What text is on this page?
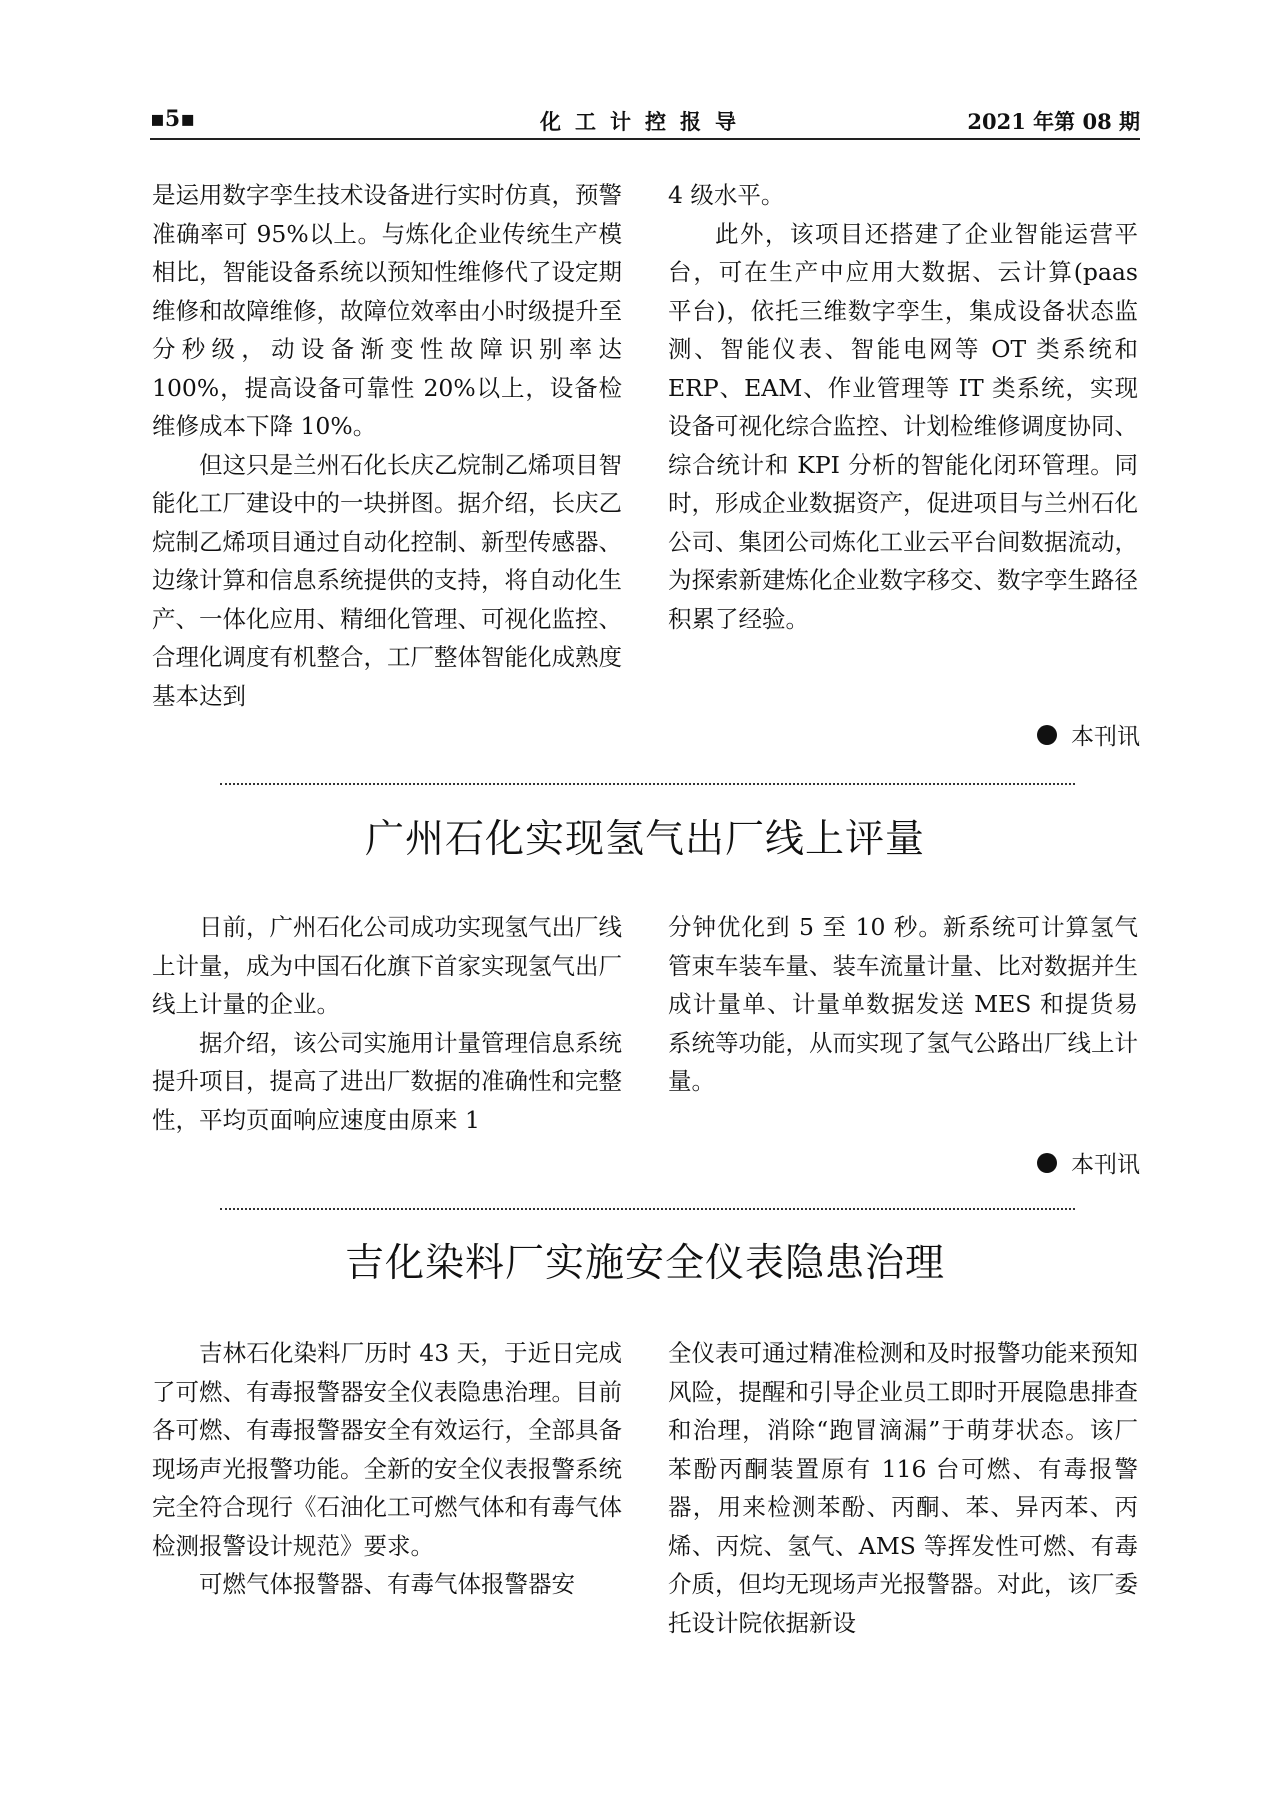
▪5▪	化工计控报导	2021 年第 08 期

是运用数字孪生技术设备进行实时仿真，预警准确率可 95%以上。与炼化企业传统生产模相比，智能设备系统以预知性维修代了设定期维修和故障维修，故障位效率由小时级提升至分秒级，动设备渐变性故障识别率达 100%，提高设备可靠性 20%以上，设备检维修成本下降 10%。

但这只是兰州石化长庆乙烷制乙烯项目智能化工厂建设中的一块拼图。据介绍，长庆乙烷制乙烯项目通过自动化控制、新型传感器、边缘计算和信息系统提供的支持，将自动化生产、一体化应用、精细化管理、可视化监控、合理化调度有机整合，工厂整体智能化成熟度基本达到

4 级水平。

此外，该项目还搭建了企业智能运营平台，可在生产中应用大数据、云计算(paas 平台)，依托三维数字孪生，集成设备状态监测、智能仪表、智能电网等 OT 类系统和 ERP、EAM、作业管理等 IT 类系统，实现设备可视化综合监控、计划检维修调度协同、综合统计和 KPI 分析的智能化闭环管理。同时，形成企业数据资产，促进项目与兰州石化公司、集团公司炼化工业云平台间数据流动，为探索新建炼化企业数字移交、数字孪生路径积累了经验。

本刊讯
广州石化实现氢气出厂线上评量

日前，广州石化公司成功实现氢气出厂线上计量，成为中国石化旗下首家实现氢气出厂线上计量的企业。

据介绍，该公司实施用计量管理信息系统提升项目，提高了进出厂数据的准确性和完整性，平均页面响应速度由原来 1

分钟优化到 5 至 10 秒。新系统可计算氢气管束车装车量、装车流量计量、比对数据并生成计量单、计量单数据发送 MES 和提货易系统等功能，从而实现了氢气公路出厂线上计量。

本刊讯
吉化染料厂实施安全仪表隐患治理

吉林石化染料厂历时 43 天，于近日完成了可燃、有毒报警器安全仪表隐患治理。目前各可燃、有毒报警器安全有效运行，全部具备现场声光报警功能。全新的安全仪表报警系统完全符合现行《石油化工可燃气体和有毒气体检测报警设计规范》要求。

可燃气体报警器、有毒气体报警器安

全仪表可通过精准检测和及时报警功能来预知风险，提醒和引导企业员工即时开展隐患排查和治理，消除“跑冒滴漏”于萌芽状态。该厂苯酚丙酮装置原有 116 台可燃、有毒报警器，用来检测苯酚、丙酮、苯、异丙苯、丙烯、丙烷、氢气、AMS 等挥发性可燃、有毒介质，但均无现场声光报警器。对此，该厂委托设计院依据新设
